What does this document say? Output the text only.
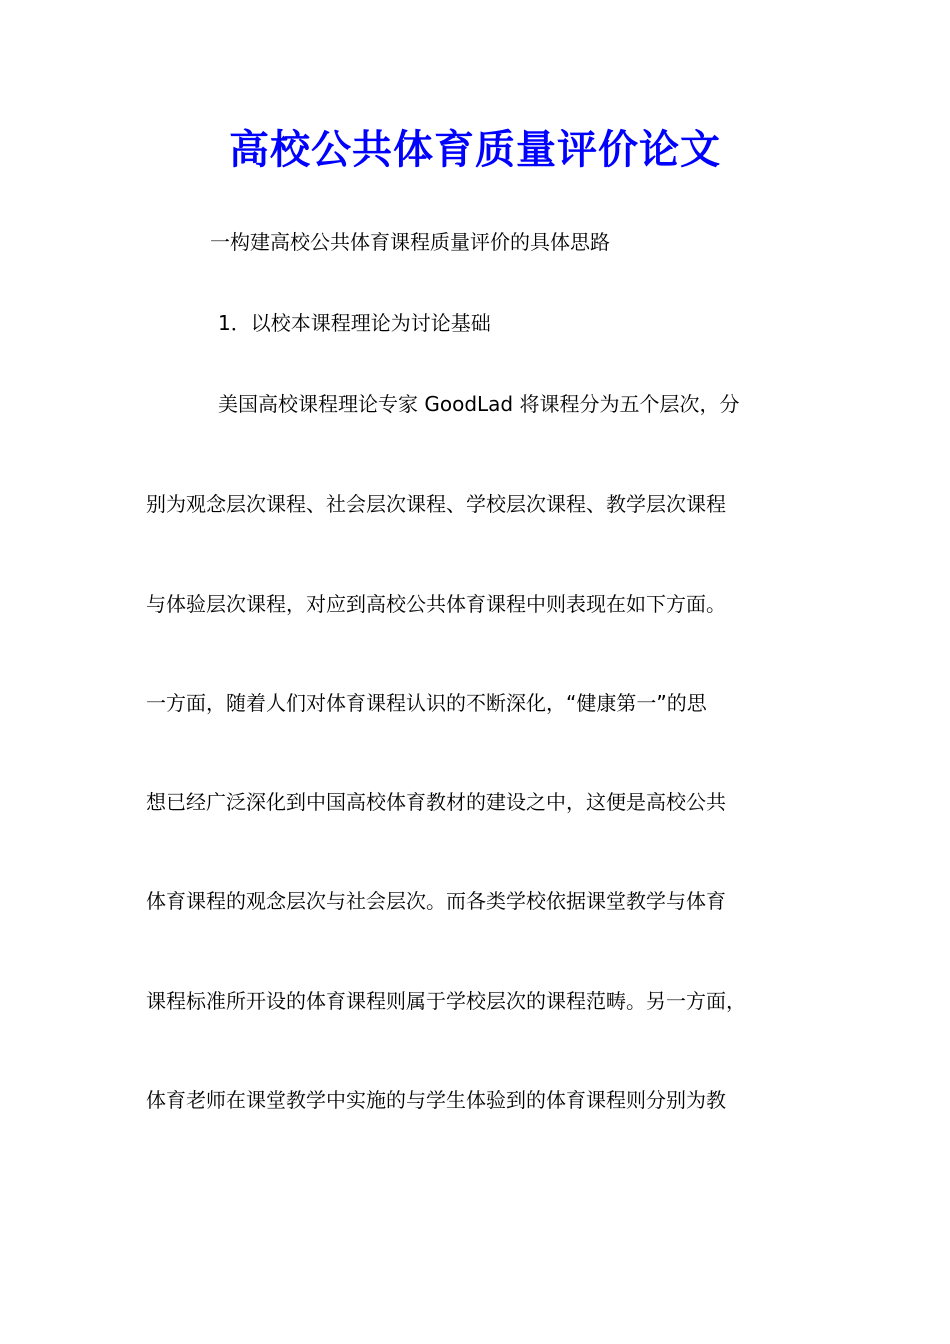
高校公共体育质量评价论文
一构建高校公共体育课程质量评价的具体思路
1．以校本课程理论为讨论基础
美国高校课程理论专家 GoodLad 将课程分为五个层次，分
别为观念层次课程、社会层次课程、学校层次课程、教学层次课程
与体验层次课程，对应到高校公共体育课程中则表现在如下方面。
一方面，随着人们对体育课程认识的不断深化，“健康第一”的思
想已经广泛深化到中国高校体育教材的建设之中，这便是高校公共
体育课程的观念层次与社会层次。而各类学校依据课堂教学与体育
课程标准所开设的体育课程则属于学校层次的课程范畴。另一方面，
体育老师在课堂教学中实施的与学生体验到的体育课程则分别为教
